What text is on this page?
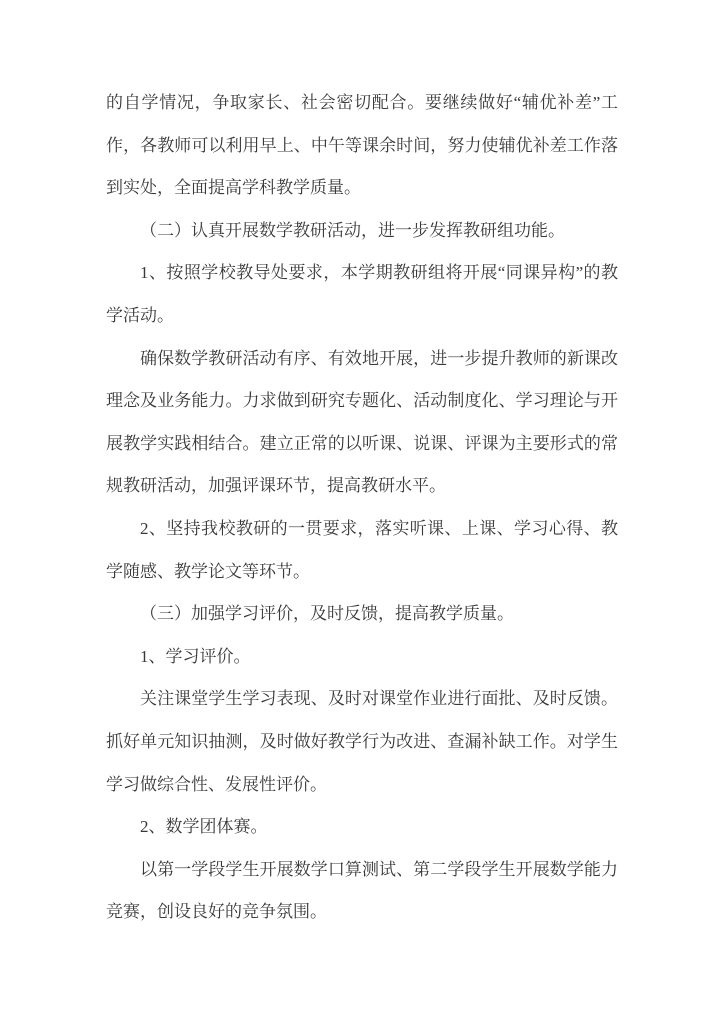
的自学情况，争取家长、社会密切配合。要继续做好“辅优补差”工作，各教师可以利用早上、中午等课余时间，努力使辅优补差工作落到实处，全面提高学科教学质量。

（二）认真开展数学教研活动，进一步发挥教研组功能。

1、按照学校教导处要求，本学期教研组将开展“同课异构”的教学活动。

确保数学教研活动有序、有效地开展，进一步提升教师的新课改理念及业务能力。力求做到研究专题化、活动制度化、学习理论与开展教学实践相结合。建立正常的以听课、说课、评课为主要形式的常规教研活动，加强评课环节，提高教研水平。

2、坚持我校教研的一贯要求，落实听课、上课、学习心得、教学随感、教学论文等环节。

（三）加强学习评价，及时反馈，提高教学质量。

1、学习评价。

关注课堂学生学习表现、及时对课堂作业进行面批、及时反馈。抓好单元知识抽测，及时做好教学行为改进、查漏补缺工作。对学生学习做综合性、发展性评价。

2、数学团体赛。

以第一学段学生开展数学口算测试、第二学段学生开展数学能力竞赛，创设良好的竞争氛围。
